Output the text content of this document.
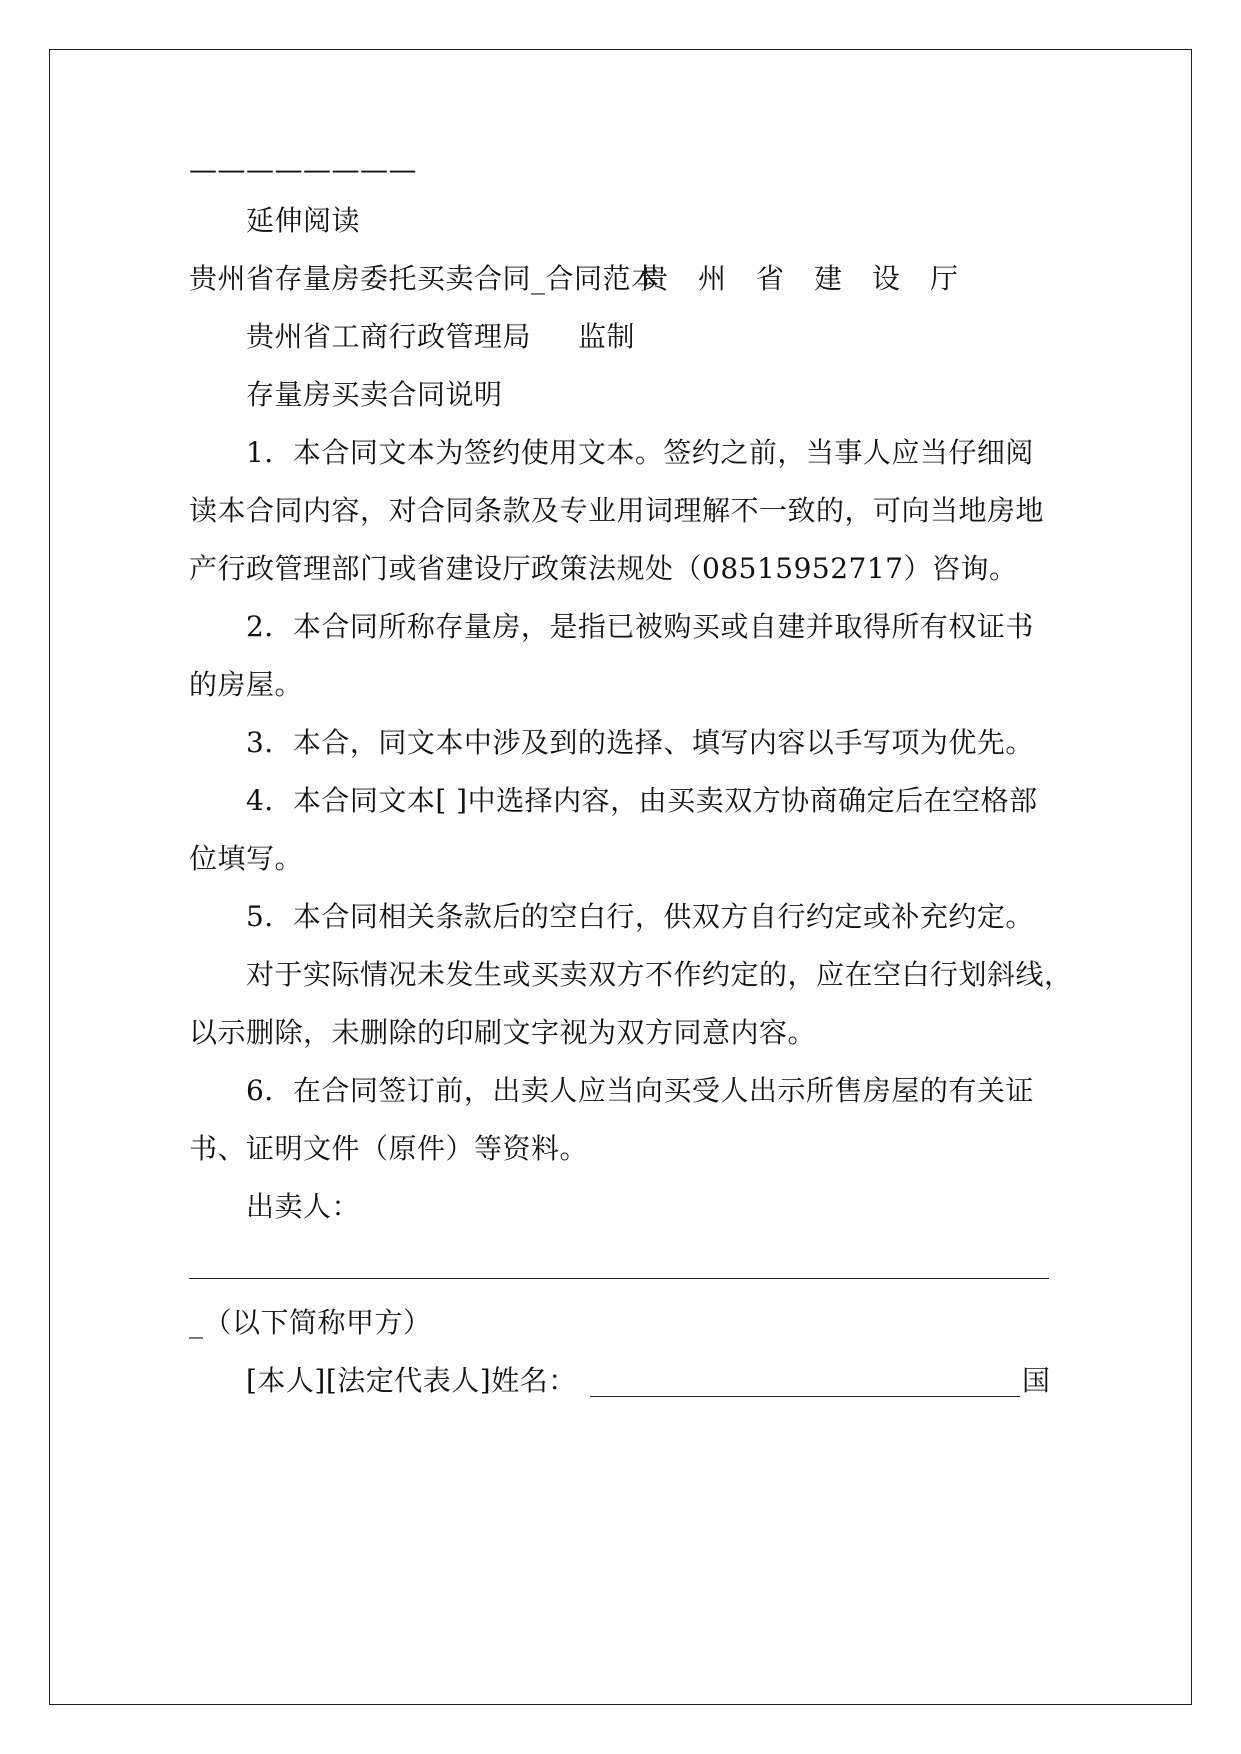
————————
延伸阅读
贵州省存量房委托买卖合同_合同范本
贵州省建设厅
贵州省工商行政管理局 监制
存量房买卖合同说明
1．本合同文本为签约使用文本。签约之前，当事人应当仔细阅
读本合同内容，对合同条款及专业用词理解不一致的，可向当地房地
产行政管理部门或省建设厅政策法规处（08515952717）咨询。
2．本合同所称存量房，是指已被购买或自建并取得所有权证书
的房屋。
3．本合，同文本中涉及到的选择、填写内容以手写项为优先。
4．本合同文本[ ]中选择内容，由买卖双方协商确定后在空格部
位填写。
5．本合同相关条款后的空白行，供双方自行约定或补充约定。
对于实际情况未发生或买卖双方不作约定的，应在空白行划斜线，
以示删除，未删除的印刷文字视为双方同意内容。
6．在合同签订前，出卖人应当向买受人出示所售房屋的有关证
书、证明文件（原件）等资料。
出卖人：
_（以下简称甲方）
[本人][法定代表人]姓名：	国
